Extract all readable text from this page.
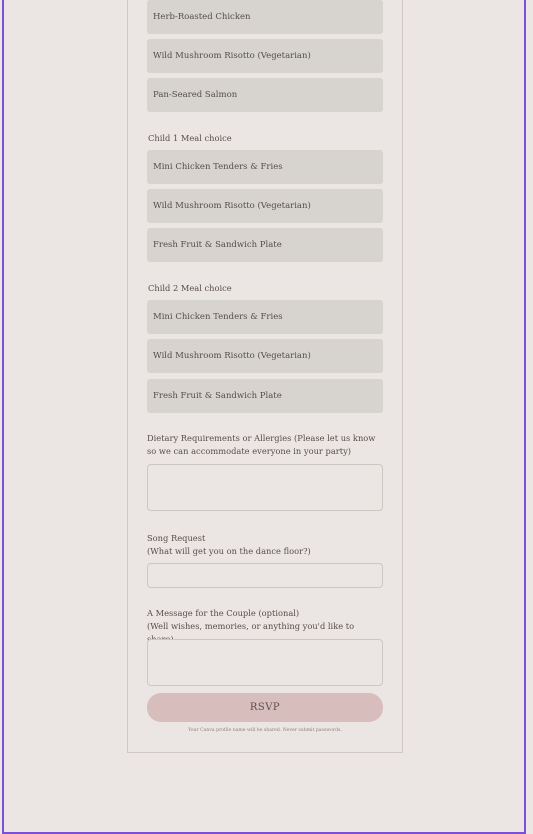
Herb-Roasted Chicken
Wild Mushroom Risotto (Vegetarian)
Pan-Seared Salmon
Child 1 Meal choice
Mini Chicken Tenders & Fries
Wild Mushroom Risotto (Vegetarian)
Fresh Fruit & Sandwich Plate
Child 2 Meal choice
Mini Chicken Tenders & Fries
Wild Mushroom Risotto (Vegetarian)
Fresh Fruit & Sandwich Plate
Dietary Requirements or Allergies (Please let us know so we can accommodate everyone in your party)
Song Request
(What will get you on the dance floor?)
A Message for the Couple (optional)
(Well wishes, memories, or anything you'd like to
RSVP
Your Canva profile name will be shared. Never submit passwords.
